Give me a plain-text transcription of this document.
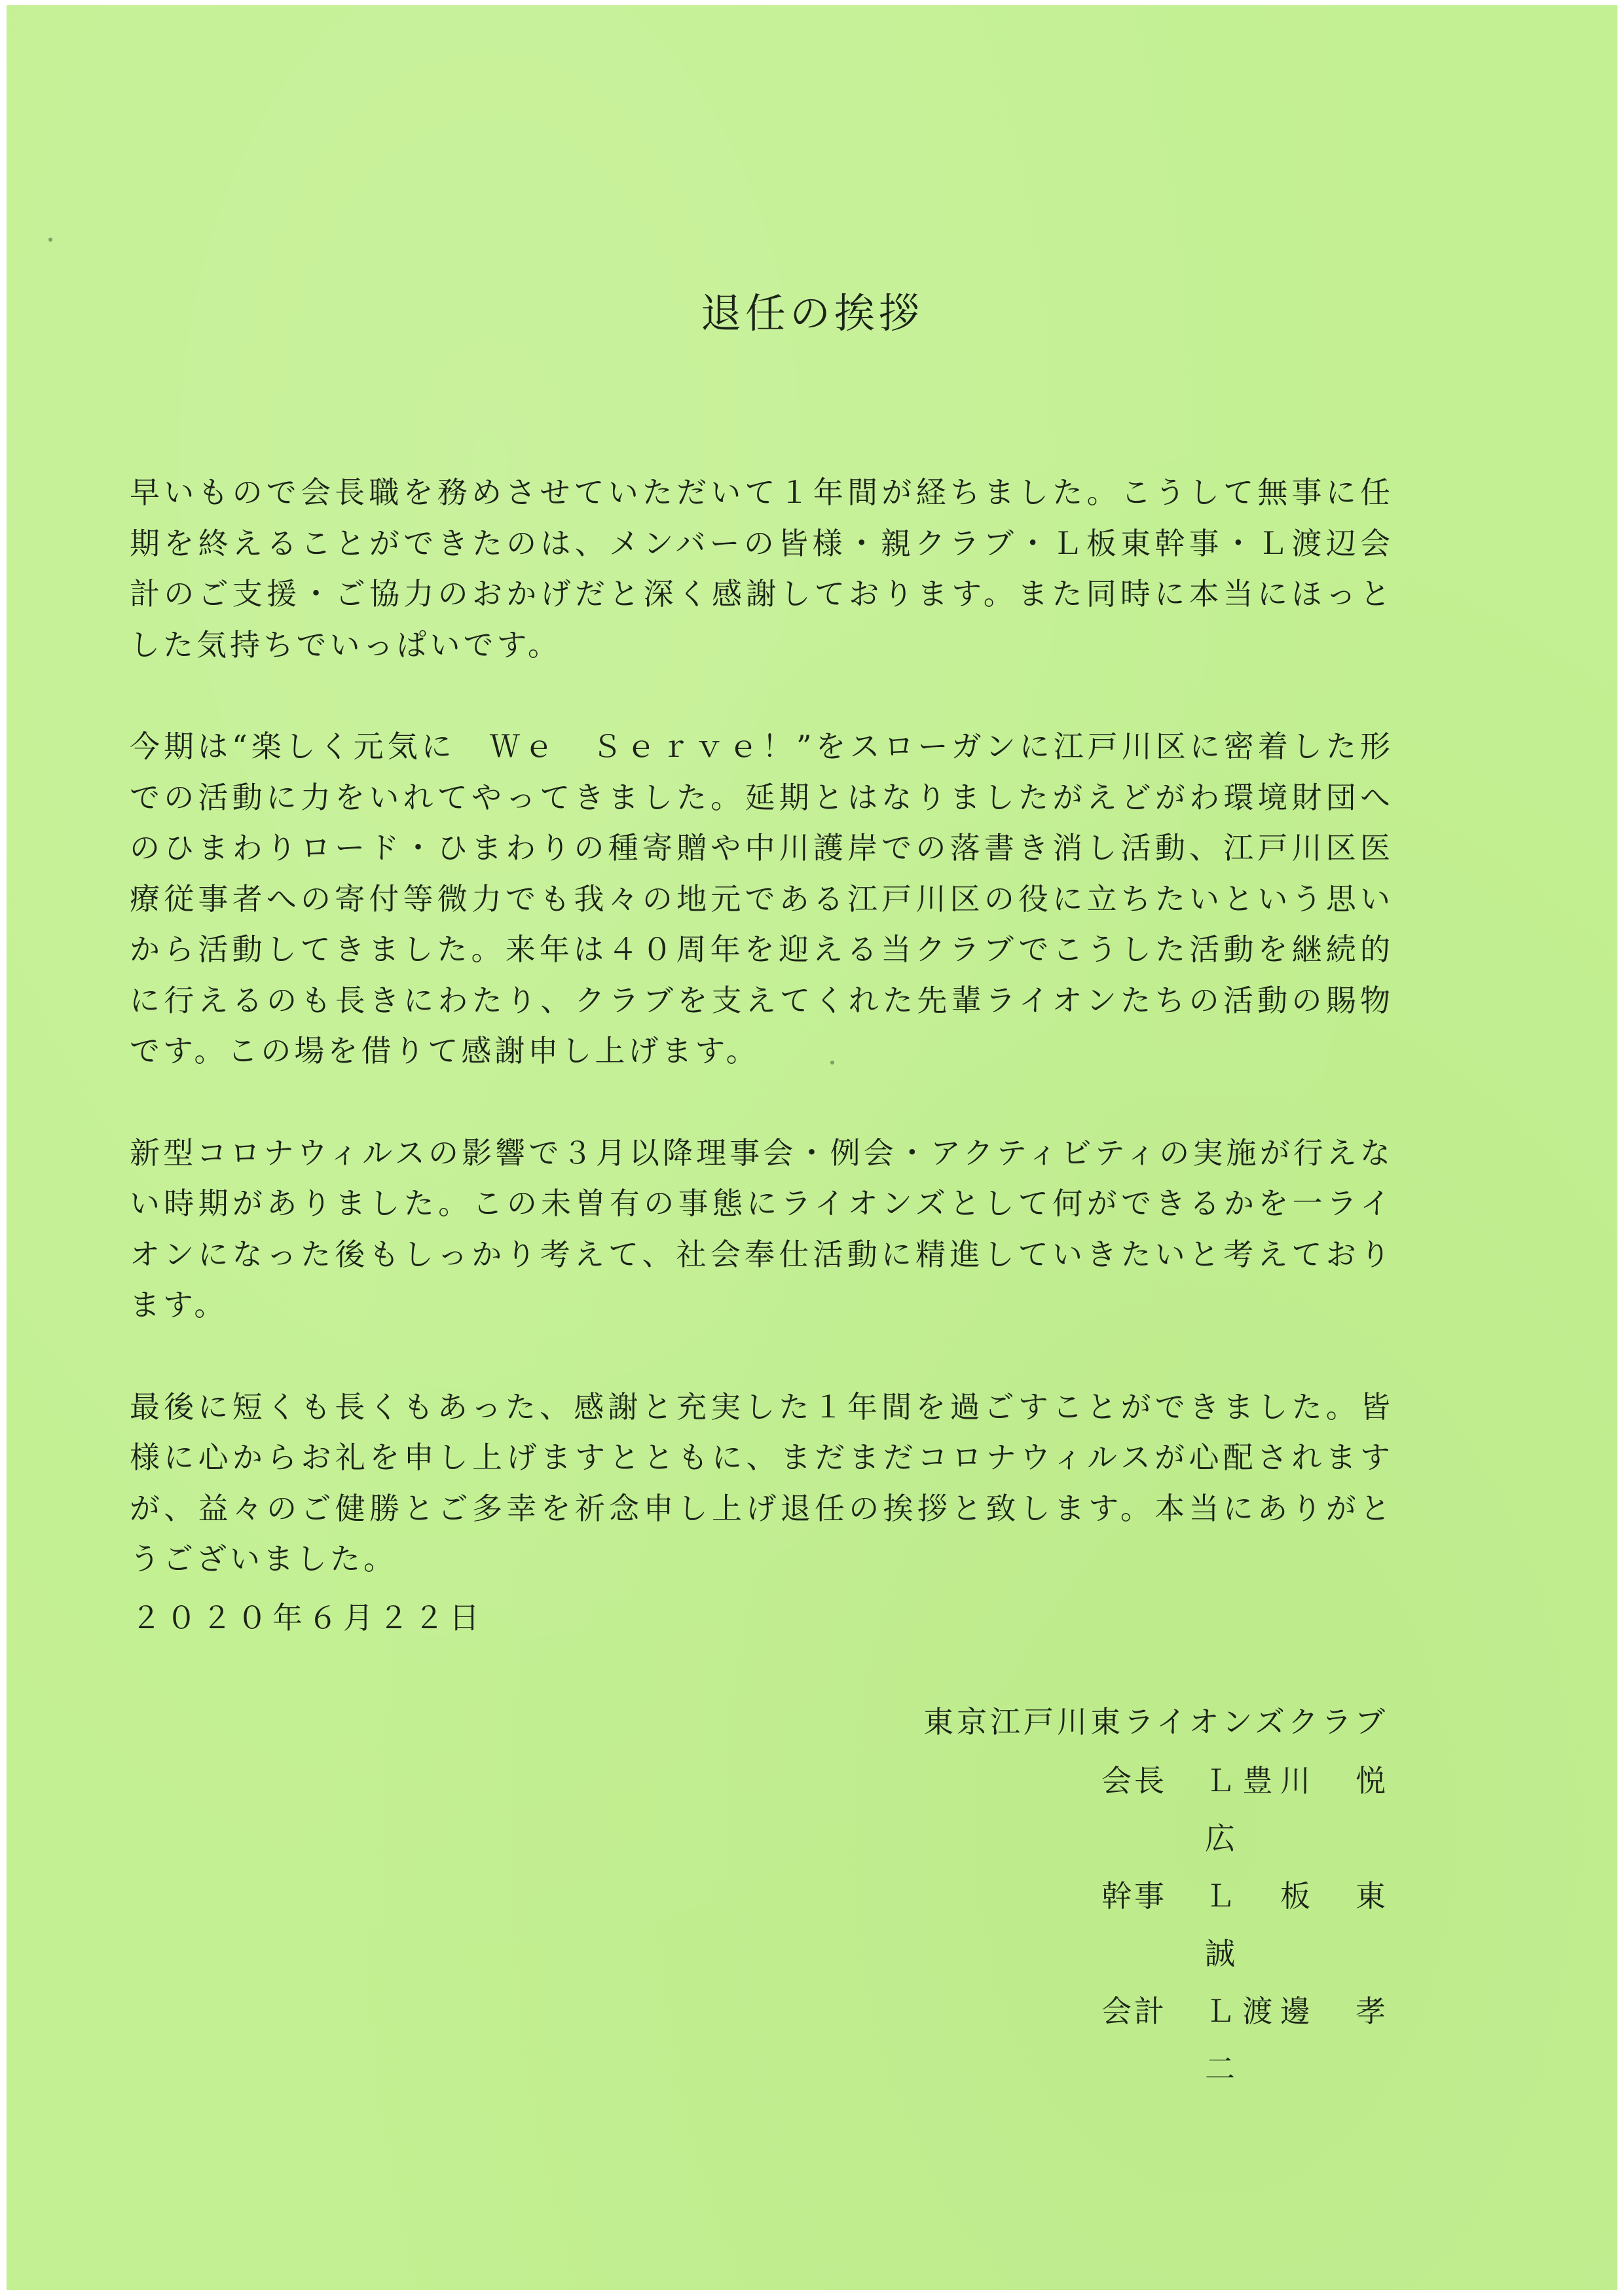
退任の挨拶

早いもので会長職を務めさせていただいて１年間が経ちました。こうして無事に任期を終えることができたのは、メンバーの皆様・親クラブ・Ｌ板東幹事・Ｌ渡辺会計のご支援・ご協力のおかげだと深く感謝しております。また同時に本当にほっとした気持ちでいっぱいです。

今期は“楽しく元気に　Ｗｅ　Ｓｅｒｖｅ！”をスローガンに江戸川区に密着した形での活動に力をいれてやってきました。延期とはなりましたがえどがわ環境財団へのひまわりロード・ひまわりの種寄贈や中川護岸での落書き消し活動、江戸川区医療従事者への寄付等微力でも我々の地元である江戸川区の役に立ちたいという思いから活動してきました。来年は４０周年を迎える当クラブでこうした活動を継続的に行えるのも長きにわたり、クラブを支えてくれた先輩ライオンたちの活動の賜物です。この場を借りて感謝申し上げます。

新型コロナウィルスの影響で３月以降理事会・例会・アクティビティの実施が行えない時期がありました。この未曽有の事態にライオンズとして何ができるかを一ライオンになった後もしっかり考えて、社会奉仕活動に精進していきたいと考えております。

最後に短くも長くもあった、感謝と充実した１年間を過ごすことができました。皆様に心からお礼を申し上げますとともに、まだまだコロナウィルスが心配されますが、益々のご健勝とご多幸を祈念申し上げ退任の挨拶と致します。本当にありがとうございました。

２０２０年６月２２日
東京江戸川東ライオンズクラブ
会長	Ｌ豊川　悦広
幹事	Ｌ板東　　誠
会計	Ｌ渡邊　孝二
